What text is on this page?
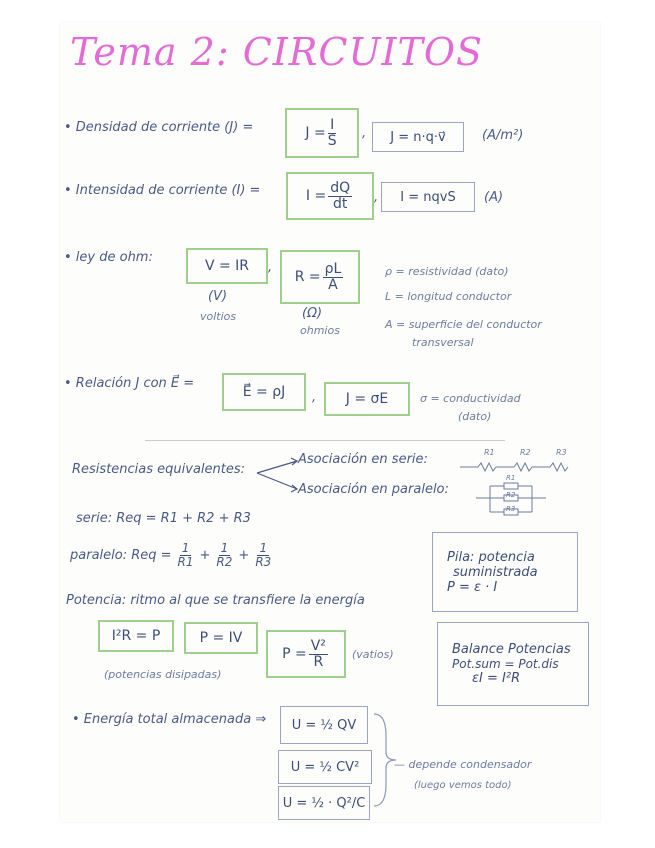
Tema 2: CIRCUITOS
• Densidad de corriente (J) =	$J = \frac{I}{S}$ ,	J = n·q·v⃗	(A/m²)
• Intensidad de corriente (I) =	$I = \frac{dQ}{dt}$ ,	I = nqvS	(A)
• ley de ohm:
V = IR	,
$R = \frac{\rho L}{A}$
(V)
voltios	(Ω)
ohmios
ρ = resistividad (dato)
L = longitud conductor
A = superficie del conductor
transversal
• Relación J con E⃗ =
E⃗ = ρJ	,	J = σE	σ = conductividad
(dato)
Resistencias equivalentes:
Asociación en serie:
Asociación en paralelo:
R1	R2	R3
R1
R2
R3
serie: Req = R1 + R2 + R3
paralelo: Req = $\frac{1}{R1} + \frac{1}{R2} + \frac{1}{R3}$	Pila: potencia
suministrada
P = ε · I
Potencia: ritmo al que se transfiere la energía
I²R = P	P = IV
$P = \frac{\text{V²}}{R}$ (vatios)
(potencias disipadas)
Balance Potencias
Pot.sum = Pot.dis
εI = I²R
• Energía total almacenada ⇒	U = ½ QV
U = ½ CV²
U = ½ · Q²/C
— depende condensador
(luego vemos todo)
